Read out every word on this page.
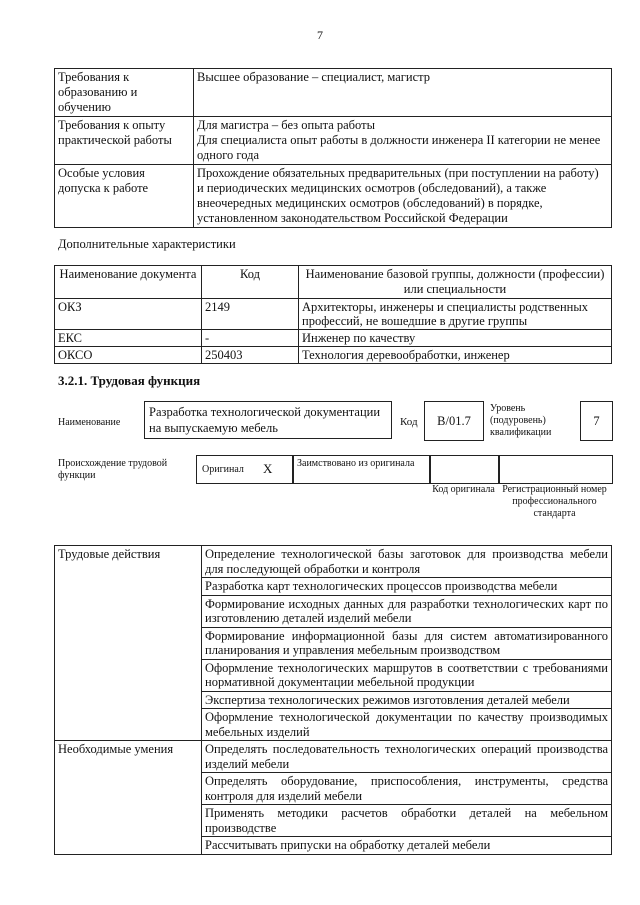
7
Требования к образованию и обучению	Высшее образование – специалист, магистр

Требования к опыту практической работы	Для магистра – без опыта работы
Для специалиста опыт работы в должности инженера II категории не менее одного года

Особые условия допуска к работе	Прохождение обязательных предварительных (при поступлении на работу) и периодических медицинских осмотров (обследований), а также внеочередных медицинских осмотров (обследований) в порядке, установленном законодательством Российской Федерации
Дополнительные характеристики
Наименование документа	Код	Наименование базовой группы, должности (профессии) или специальности
ОКЗ	2149	Архитекторы, инженеры и специалисты родственных профессий, не вошедшие в другие группы
ЕКС	-	Инженер по качеству
ОКСО	250403	Технология деревообработки, инженер
3.2.1. Трудовая функция
Наименование
Разработка технологической документации на выпускаемую мебель	Код B/01.7
Уровень (подуровень) квалификации
7
Происхождение трудовой функции
Оригинал X Заимствовано из оригинала
Код оригинала Регистрационный номер профессионального стандарта
Трудовые действия	Определение технологической базы заготовок для производства мебели для последующей обработки и контроля
	Разработка карт технологических процессов производства мебели
	Формирование исходных данных для разработки технологических карт по изготовлению деталей изделий мебели
	Формирование информационной базы для систем автоматизированного планирования и управления мебельным производством
	Оформление технологических маршрутов в соответствии с требованиями нормативной документации мебельной продукции
	Экспертиза технологических режимов изготовления деталей мебели
	Оформление технологической документации по качеству производимых мебельных изделий
Необходимые умения	Определять последовательность технологических операций производства изделий мебели
	Определять оборудование, приспособления, инструменты, средства контроля для изделий мебели
	Применять методики расчетов обработки деталей на мебельном производстве
	Рассчитывать припуски на обработку деталей мебели
